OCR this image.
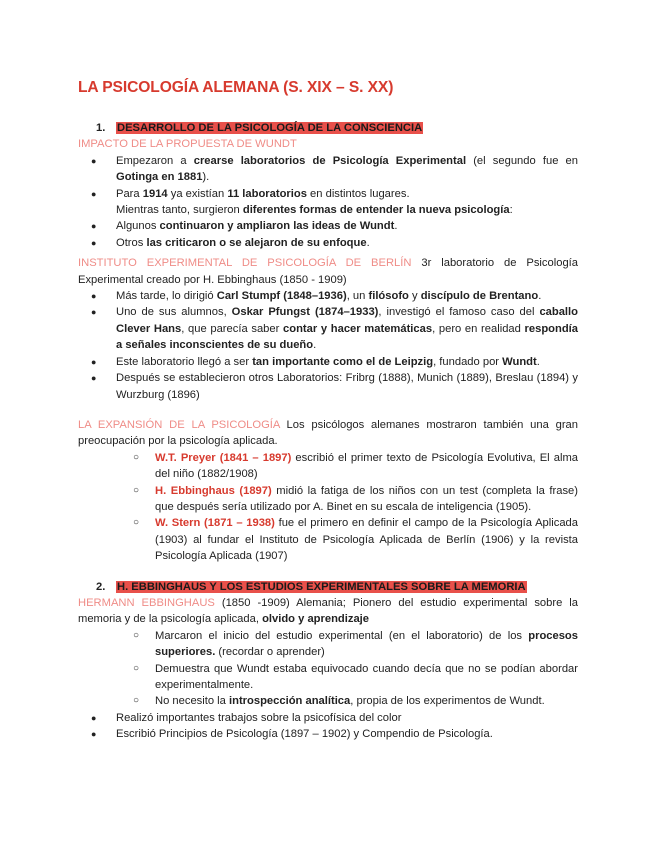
LA PSICOLOGÍA ALEMANA (S. XIX – S. XX)
1. DESARROLLO DE LA PSICOLOGÍA DE LA CONSCIENCIA
IMPACTO DE LA PROPUESTA DE WUNDT
● Empezaron a crearse laboratorios de Psicología Experimental (el segundo fue en Gotinga en 1881).
● Para 1914 ya existían 11 laboratorios en distintos lugares.
Mientras tanto, surgieron diferentes formas de entender la nueva psicología:
● Algunos continuaron y ampliaron las ideas de Wundt.
● Otros las criticaron o se alejaron de su enfoque.

INSTITUTO EXPERIMENTAL DE PSICOLOGÍA DE BERLÍN 3r laboratorio de Psicología Experimental creado por H. Ebbinghaus (1850 - 1909)

● Más tarde, lo dirigió Carl Stumpf (1848–1936), un filósofo y discípulo de Brentano.
● Uno de sus alumnos, Oskar Pfungst (1874–1933), investigó el famoso caso del caballo Clever Hans, que parecía saber contar y hacer matemáticas, pero en realidad respondía a señales inconscientes de su dueño.
● Este laboratorio llegó a ser tan importante como el de Leipzig, fundado por Wundt.
● Después se establecieron otros Laboratorios: Fribrg (1888), Munich (1889), Breslau (1894) y Wurzburg (1896)

LA EXPANSIÓN DE LA PSICOLOGÍA Los psicólogos alemanes mostraron también una gran preocupación por la psicología aplicada.

○ W.T. Preyer (1841 – 1897) escribió el primer texto de Psicología Evolutiva, El alma del niño (1882/1908)
○ H. Ebbinghaus (1897) midió la fatiga de los niños con un test (completa la frase) que después sería utilizado por A. Binet en su escala de inteligencia (1905).
○ W. Stern (1871 – 1938) fue el primero en definir el campo de la Psicología Aplicada (1903) al fundar el Instituto de Psicología Aplicada de Berlín (1906) y la revista Psicología Aplicada (1907)
2. H. EBBINGHAUS Y LOS ESTUDIOS EXPERIMENTALES SOBRE LA MEMORIA

HERMANN EBBINGHAUS (1850 -1909) Alemania; Pionero del estudio experimental sobre la memoria y de la psicología aplicada, olvido y aprendizaje

○ Marcaron el inicio del estudio experimental (en el laboratorio) de los procesos superiores. (recordar o aprender)
○ Demuestra que Wundt estaba equivocado cuando decía que no se podían abordar experimentalmente.
○ No necesito la introspección analítica, propia de los experimentos de Wundt.
● Realizó importantes trabajos sobre la psicofísica del color
● Escribió Principios de Psicología (1897 – 1902) y Compendio de Psicología.
